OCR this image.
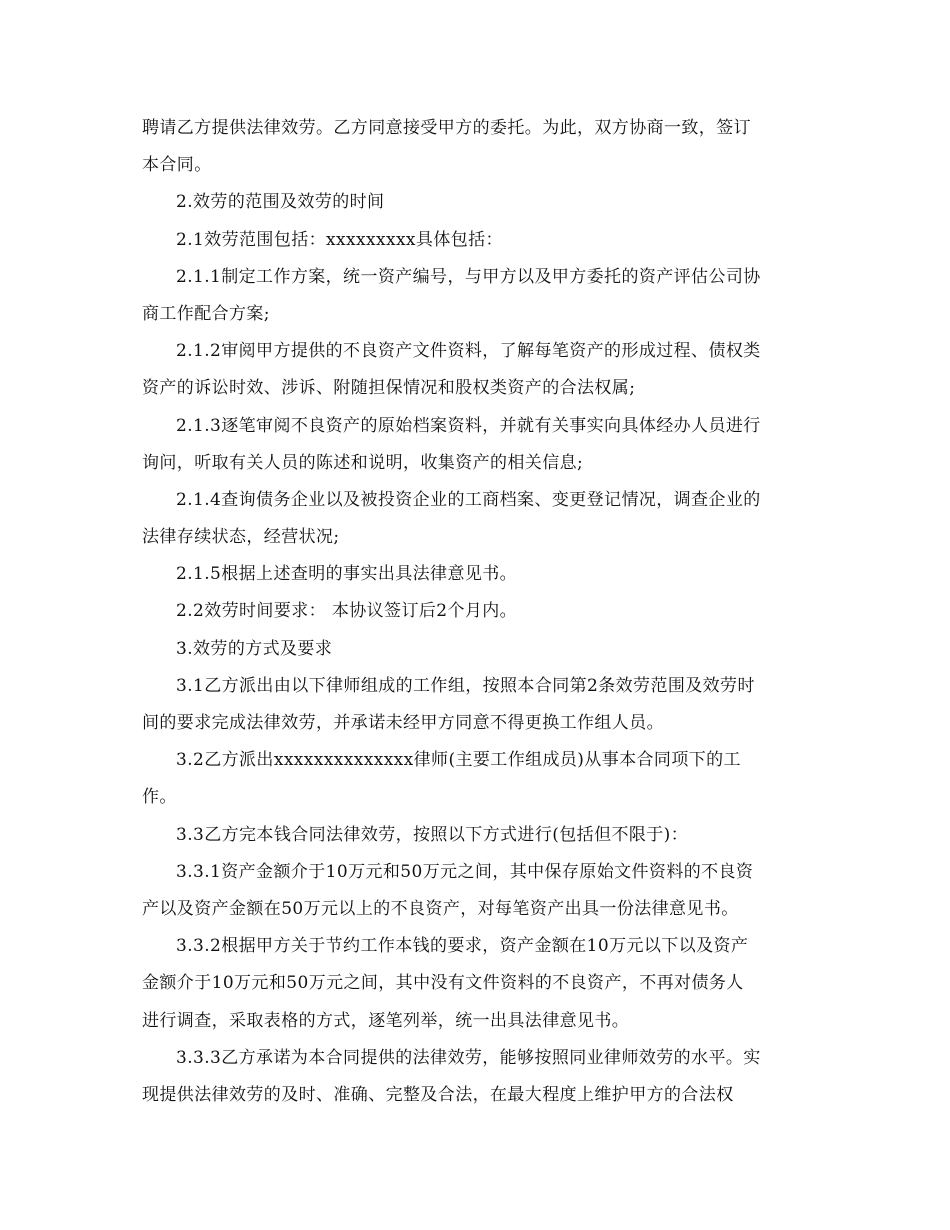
聘请乙方提供法律效劳。乙方同意接受甲方的委托。为此，双方协商一致，签订

本合同。

2.效劳的范围及效劳的时间

2.1效劳范围包括：xxxxxxxxx具体包括：

2.1.1制定工作方案，统一资产编号，与甲方以及甲方委托的资产评估公司协

商工作配合方案;

2.1.2审阅甲方提供的不良资产文件资料，了解每笔资产的形成过程、债权类

资产的诉讼时效、涉诉、附随担保情况和股权类资产的合法权属;

2.1.3逐笔审阅不良资产的原始档案资料，并就有关事实向具体经办人员进行

询问，听取有关人员的陈述和说明，收集资产的相关信息;

2.1.4查询债务企业以及被投资企业的工商档案、变更登记情况，调查企业的

法律存续状态，经营状况;

2.1.5根据上述查明的事实出具法律意见书。

2.2效劳时间要求： 本协议签订后2个月内。

3.效劳的方式及要求

3.1乙方派出由以下律师组成的工作组，按照本合同第2条效劳范围及效劳时

间的要求完成法律效劳，并承诺未经甲方同意不得更换工作组人员。

3.2乙方派出xxxxxxxxxxxxxx律师(主要工作组成员)从事本合同项下的工

作。

3.3乙方完本钱合同法律效劳，按照以下方式进行(包括但不限于)：

3.3.1资产金额介于10万元和50万元之间，其中保存原始文件资料的不良资

产以及资产金额在50万元以上的不良资产，对每笔资产出具一份法律意见书。

3.3.2根据甲方关于节约工作本钱的要求，资产金额在10万元以下以及资产

金额介于10万元和50万元之间，其中没有文件资料的不良资产，不再对债务人

进行调查，采取表格的方式，逐笔列举，统一出具法律意见书。

3.3.3乙方承诺为本合同提供的法律效劳，能够按照同业律师效劳的水平。实

现提供法律效劳的及时、准确、完整及合法，在最大程度上维护甲方的合法权
